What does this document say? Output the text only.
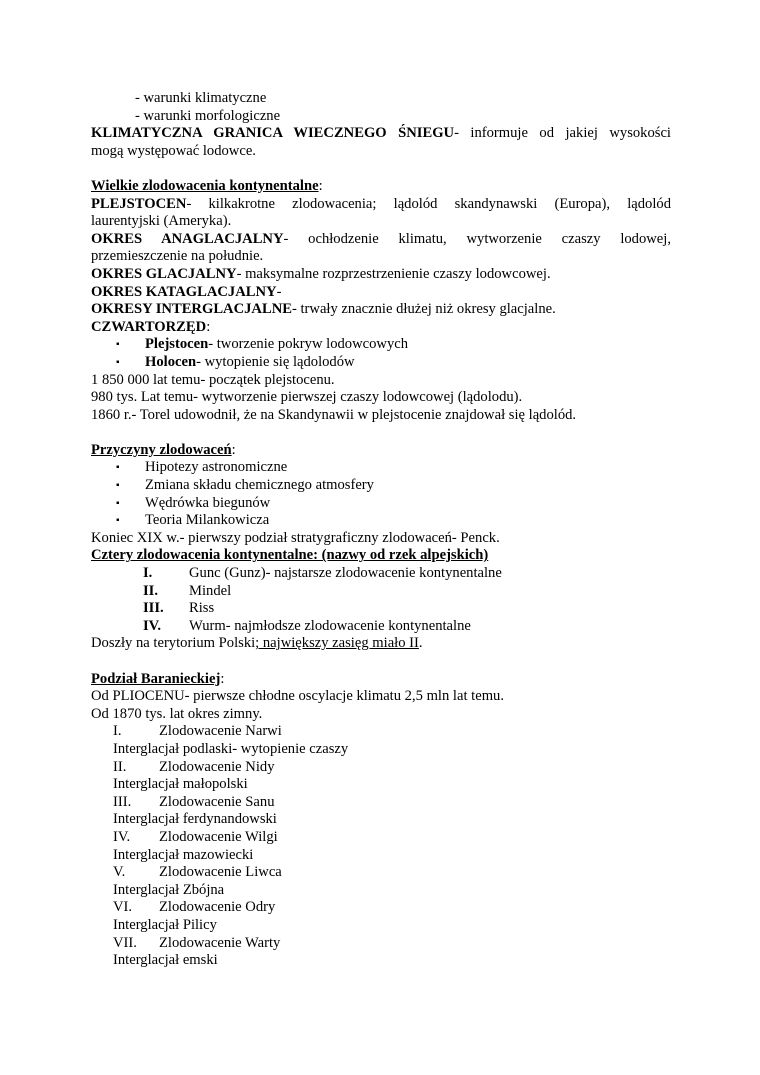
- warunki klimatyczne
- warunki morfologiczne
KLIMATYCZNA GRANICA WIECZNEGO ŚNIEGU- informuje od jakiej wysokości
mogą występować lodowce.
Wielkie zlodowacenia kontynentalne:
PLEJSTOCEN- kilkakrotne zlodowacenia; lądolód skandynawski (Europa), lądolód
laurentyjski (Ameryka).
OKRES ANAGLACJALNY- ochłodzenie klimatu, wytworzenie czaszy lodowej,
przemieszczenie na południe.
OKRES GLACJALNY- maksymalne rozprzestrzenienie czaszy lodowcowej.
OKRES KATAGLACJALNY-
OKRESY INTERGLACJALNE- trwały znacznie dłużej niż okresy glacjalne.
CZWARTORZĘD:
▪ Plejstocen- tworzenie pokryw lodowcowych
▪ Holocen- wytopienie się lądolodów
1 850 000 lat temu- początek plejstocenu.
980 tys. Lat temu- wytworzenie pierwszej czaszy lodowcowej (lądolodu).
1860 r.- Torel udowodnił, że na Skandynawii w plejstocenie znajdował się lądolód.
Przyczyny zlodowaceń:
▪ Hipotezy astronomiczne
▪ Zmiana składu chemicznego atmosfery
▪ Wędrówka biegunów
▪ Teoria Milankowicza
Koniec XIX w.- pierwszy podział stratygraficzny zlodowaceń- Penck.
Cztery zlodowacenia kontynentalne: (nazwy od rzek alpejskich)
I.	Gunc (Gunz)- najstarsze zlodowacenie kontynentalne
II. Mindel
III. Riss
IV. Wurm- najmłodsze zlodowacenie kontynentalne
Doszły na terytorium Polski; największy zasięg miało II.
Podział Baranieckiej:
Od PLIOCENU- pierwsze chłodne oscylacje klimatu 2,5 mln lat temu.
Od 1870 tys. lat okres zimny.
I.	Zlodowacenie Narwi
Interglacjał podlaski- wytopienie czaszy
II. Zlodowacenie Nidy
Interglacjał małopolski
III. Zlodowacenie Sanu
Interglacjał ferdynandowski
IV. Zlodowacenie Wilgi
Interglacjał mazowiecki
V. Zlodowacenie Liwca
Interglacjał Zbójna
VI. Zlodowacenie Odry
Interglacjał Pilicy
VII. Zlodowacenie Warty
Interglacjał emski
